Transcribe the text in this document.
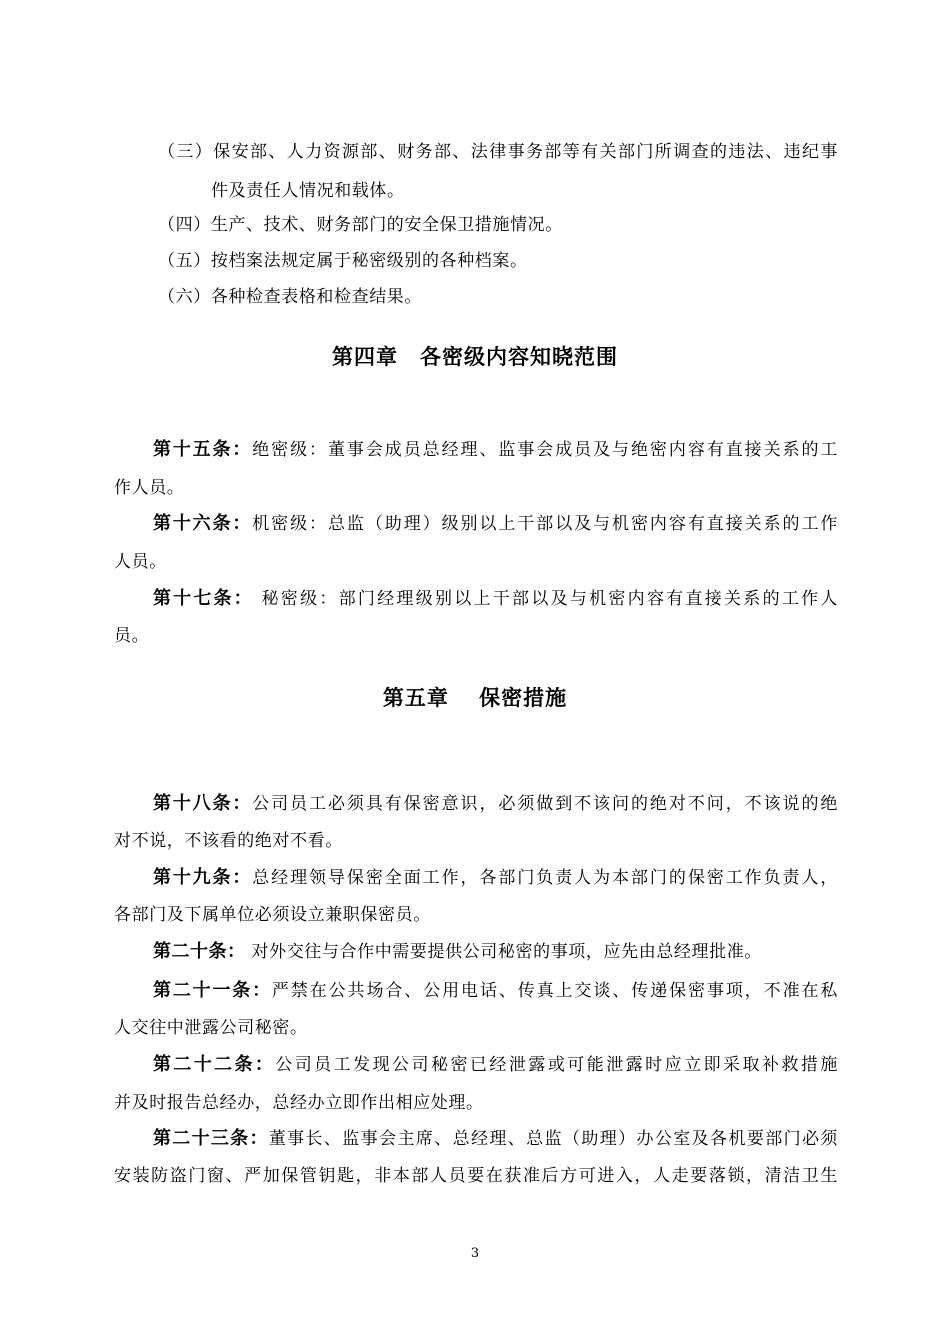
（三）保安部、人力资源部、财务部、法律事务部等有关部门所调查的违法、违纪事
件及责任人情况和载体。
（四）生产、技术、财务部门的安全保卫措施情况。
（五）按档案法规定属于秘密级别的各种档案。
（六）各种检查表格和检查结果。
第四章　各密级内容知晓范围
第十五条：绝密级：董事会成员总经理、监事会成员及与绝密内容有直接关系的工
作人员。
第十六条：机密级：总监（助理）级别以上干部以及与机密内容有直接关系的工作
人员。
第十七条： 秘密级：部门经理级别以上干部以及与机密内容有直接关系的工作人
员。
第五章　 保密措施
第十八条：公司员工必须具有保密意识，必须做到不该问的绝对不问，不该说的绝
对不说，不该看的绝对不看。
第十九条：总经理领导保密全面工作，各部门负责人为本部门的保密工作负责人，
各部门及下属单位必须设立兼职保密员。
第二十条： 对外交往与合作中需要提供公司秘密的事项，应先由总经理批准。
第二十一条：严禁在公共场合、公用电话、传真上交谈、传递保密事项，不准在私
人交往中泄露公司秘密。
第二十二条：公司员工发现公司秘密已经泄露或可能泄露时应立即采取补救措施
并及时报告总经办，总经办立即作出相应处理。
第二十三条：董事长、监事会主席、总经理、总监（助理）办公室及各机要部门必须
安装防盗门窗、严加保管钥匙，非本部人员要在获准后方可进入，人走要落锁，清洁卫生
3
